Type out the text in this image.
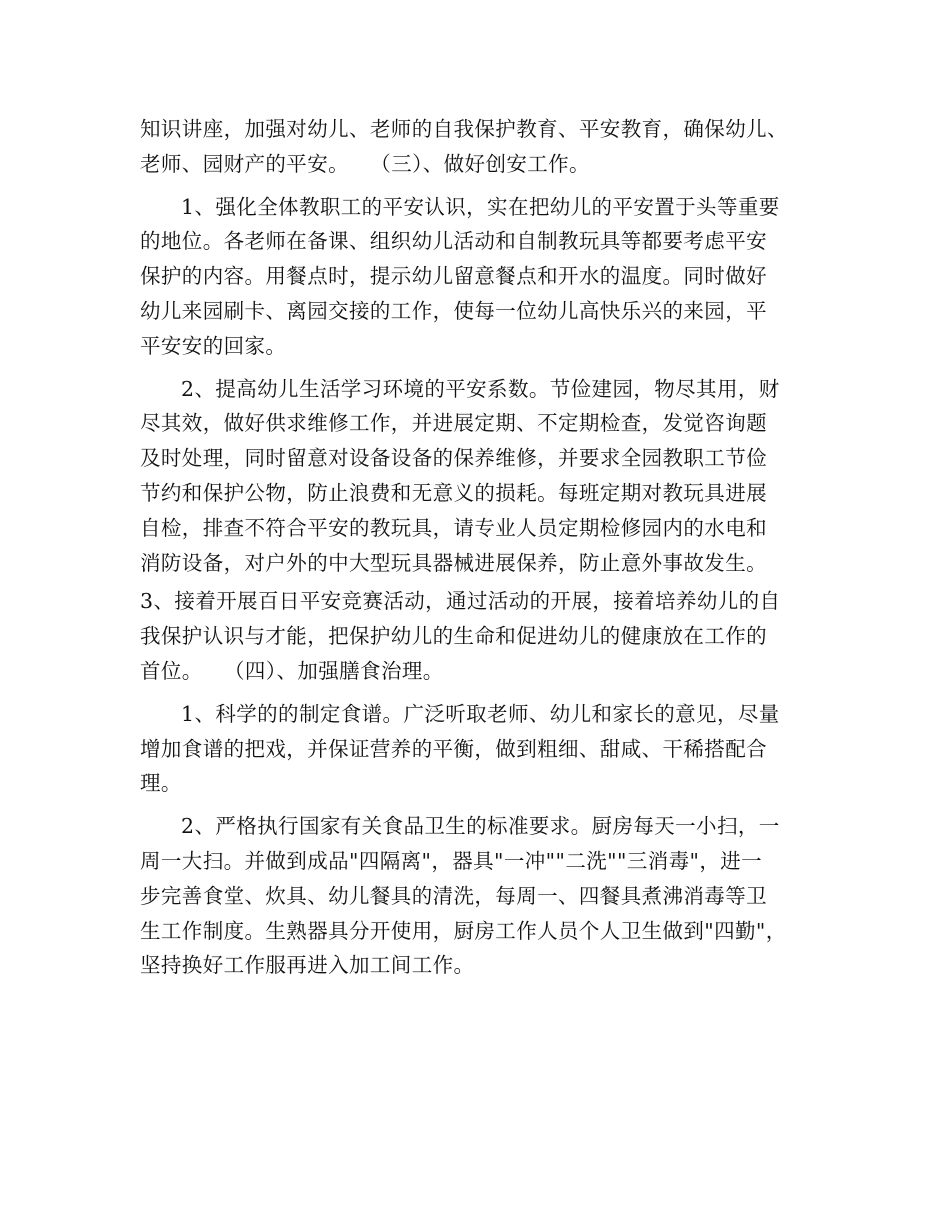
知识讲座，加强对幼儿、老师的自我保护教育、平安教育，确保幼儿、
老师、园财产的平安。　　（三）、做好创安工作。

1、强化全体教职工的平安认识，实在把幼儿的平安置于头等重要
的地位。各老师在备课、组织幼儿活动和自制教玩具等都要考虑平安
保护的内容。用餐点时，提示幼儿留意餐点和开水的温度。同时做好
幼儿来园刷卡、离园交接的工作，使每一位幼儿高快乐兴的来园，平
平安安的回家。

2、提高幼儿生活学习环境的平安系数。节俭建园，物尽其用，财
尽其效，做好供求维修工作，并进展定期、不定期检查，发觉咨询题
及时处理，同时留意对设备设备的保养维修，并要求全园教职工节俭
节约和保护公物，防止浪费和无意义的损耗。每班定期对教玩具进展
自检，排查不符合平安的教玩具，请专业人员定期检修园内的水电和
消防设备，对户外的中大型玩具器械进展保养，防止意外事故发生。

3、接着开展百日平安竞赛活动，通过活动的开展，接着培养幼儿的自
我保护认识与才能，把保护幼儿的生命和促进幼儿的健康放在工作的
首位。　　（四）、加强膳食治理。

1、科学的的制定食谱。广泛听取老师、幼儿和家长的意见，尽量
增加食谱的把戏，并保证营养的平衡，做到粗细、甜咸、干稀搭配合
理。

2、严格执行国家有关食品卫生的标准要求。厨房每天一小扫，一
周一大扫。并做到成品"四隔离"，器具"一冲""二洗""三消毒"，进一
步完善食堂、炊具、幼儿餐具的清洗，每周一、四餐具煮沸消毒等卫
生工作制度。生熟器具分开使用，厨房工作人员个人卫生做到"四勤"，
坚持换好工作服再进入加工间工作。
